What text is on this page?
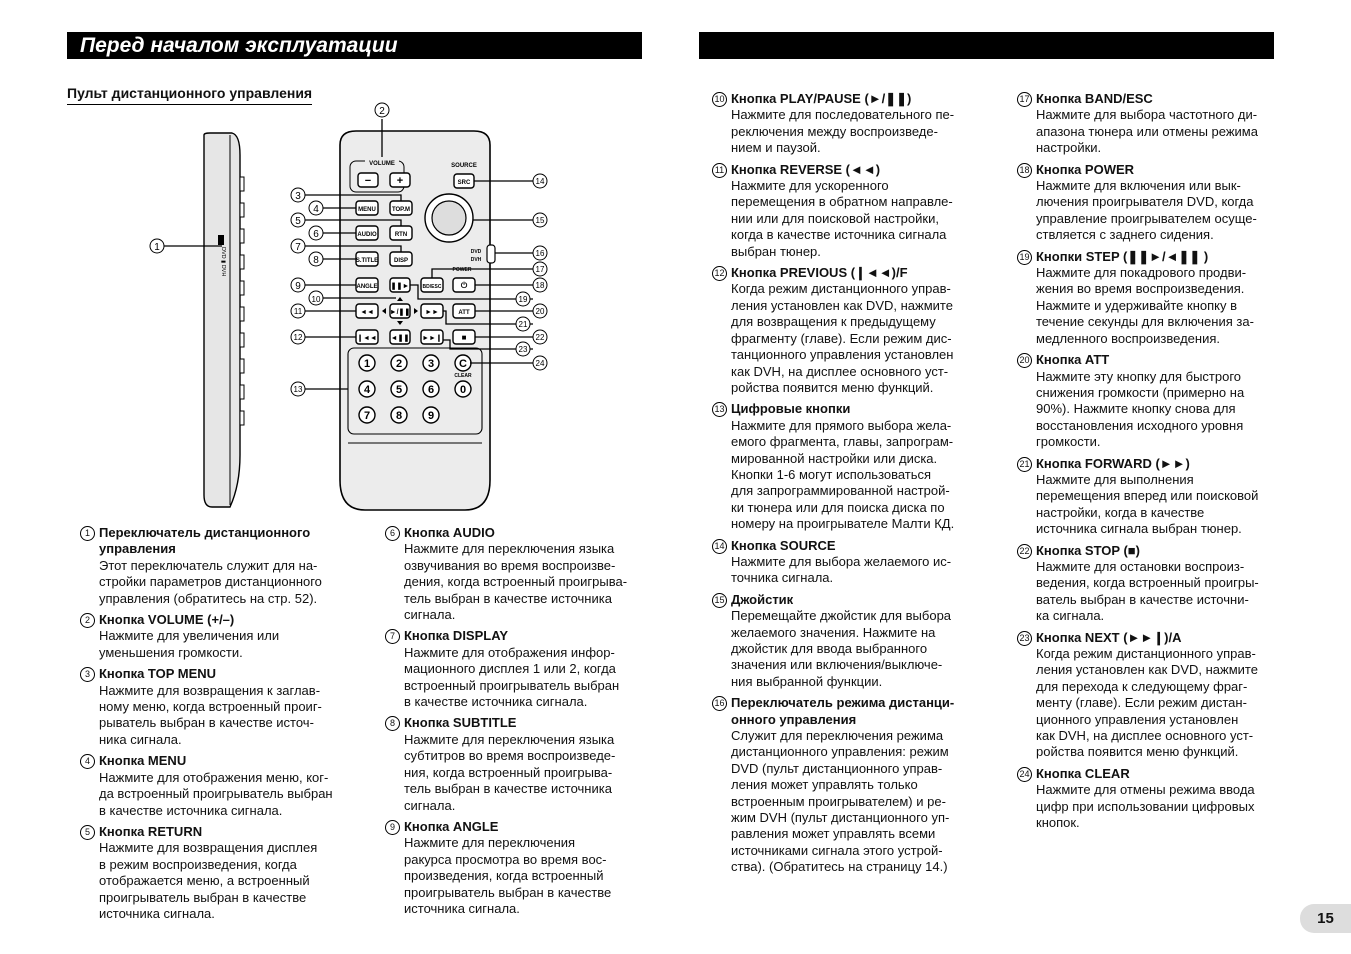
Перед началом эксплуатации
Пульт дистанционного управления
DVD ▮ DVH
VOLUME
− +
SOURCE
SRC
MENU	TOP.M
AUDIO	RTN
DVD
DVH
S.TITLE	DISP
POWER
ANGLE ❚❚►	BD/ESC ⏻
◄◄ ►/❚❚ ►►	ATT
❙◄◄ ◄❚❚ ►►❙ ■
1 2 3 C
CLEAR
4 5 6 0
7 8 9
1
2
3
4
5
6
7
8
9
10
11
12
13
14
15
16
17
18
19
20
21
22
23
24
1 Переключатель дистанционного управления
Этот переключатель служит для на-
стройки параметров дистанционного
управления (обратитесь на стр. 52).
2 Кнопка VOLUME (+/–)
Нажмите для увеличения или
уменьшения громкости.
3 Кнопка TOP MENU
Нажмите для возвращения к заглав-
ному меню, когда встроенный проиг-
рыватель выбран в качестве источ-
ника сигнала.
4 Кнопка MENU
Нажмите для отображения меню, ког-
да встроенный проигрыватель выбран
в качестве источника сигнала.
5 Кнопка RETURN
Нажмите для возвращения дисплея
в режим воспроизведения, когда
отображается меню, а встроенный
проигрыватель выбран в качестве
источника сигнала.
6 Кнопка AUDIO
Нажмите для переключения языка
озвучивания во время воспроизве-
дения, когда встроенный проигрыва-
тель выбран в качестве источника
сигнала.
7 Кнопка DISPLAY
Нажмите для отображения инфор-
мационного дисплея 1 или 2, когда
встроенный проигрыватель выбран
в качестве источника сигнала.
8 Кнопка SUBTITLE
Нажмите для переключения языка
субтитров во время воспроизведе-
ния, когда встроенный проигрыва-
тель выбран в качестве источника
сигнала.
9 Кнопка ANGLE
Нажмите для переключения
ракурса просмотра во время вос-
произведения, когда встроенный
проигрыватель выбран в качестве
источника сигнала.
10 Кнопка PLAY/PAUSE (►/❚❚)
Нажмите для последовательного пе-
реключения между воспроизведе-
нием и паузой.
11 Кнопка REVERSE (◄◄)
Нажмите для ускоренного
перемещения в обратном направле-
нии или для поисковой настройки,
когда в качестве источника сигнала
выбран тюнер.
12 Кнопка PREVIOUS (❙◄◄)/F
Когда режим дистанционного управ-
ления установлен как DVD, нажмите
для возвращения к предыдущему
фрагменту (главе). Если режим дис-
танционного управления установлен
как DVH, на дисплее основного уст-
ройства появится меню функций.
13 Цифровые кнопки
Нажмите для прямого выбора жела-
емого фрагмента, главы, запрограм-
мированной настройки или диска.
Кнопки 1-6 могут использоваться
для запрограммированной настрой-
ки тюнера или для поиска диска по
номеру на проигрывателе Малти КД.
14 Кнопка SOURCE
Нажмите для выбора желаемого ис-
точника сигнала.
15 Джойстик
Перемещайте джойстик для выбора
желаемого значения. Нажмите на
джойстик для ввода выбранного
значения или включения/выключе-
ния выбранной функции.
16 Переключатель режима дистанци-
онного управления
Служит для переключения режима
дистанционного управления: режим
DVD (пульт дистанционного управ-
ления может управлять только
встроенным проигрывателем) и ре-
жим DVH (пульт дистанционного уп-
равления может управлять всеми
источниками сигнала этого устрой-
ства). (Обратитесь на страницу 14.)
17 Кнопка BAND/ESC
Нажмите для выбора частотного ди-
апазона тюнера или отмены режима
настройки.
18 Кнопка POWER
Нажмите для включения или вык-
лючения проигрывателя DVD, когда
управление проигрывателем осуще-
ствляется с заднего сидения.
19 Кнопки STEP (❚❚►/◄❚❚ )
Нажмите для покадрового продви-
жения во время воспроизведения.
Нажмите и удерживайте кнопку в
течение секунды для включения за-
медленного воспроизведения.
20 Кнопка ATT
Нажмите эту кнопку для быстрого
снижения громкости (примерно на
90%). Нажмите кнопку снова для
восстановления исходного уровня
громкости.
21 Кнопка FORWARD (►►)
Нажмите для выполнения
перемещения вперед или поисковой
настройки, когда в качестве
источника сигнала выбран тюнер.
22 Кнопка STOP (■)
Нажмите для остановки воспроиз-
ведения, когда встроенный проигры-
ватель выбран в качестве источни-
ка сигнала.
23 Кнопка NEXT (►►❙)/A
Когда режим дистанционного управ-
ления установлен как DVD, нажмите
для перехода к следующему фраг-
менту (главе). Если режим дистан-
ционного управления установлен
как DVH, на дисплее основного уст-
ройства появится меню функций.
24 Кнопка CLEAR
Нажмите для отмены режима ввода
цифр при использовании цифровых
кнопок.
15
